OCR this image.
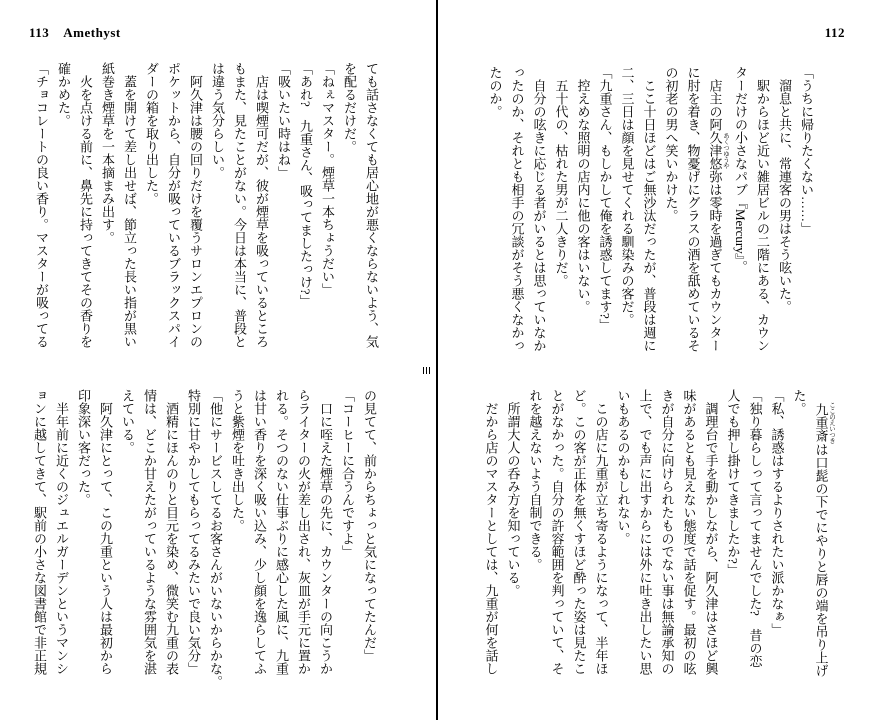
113 Amethyst
ても話さなくても居心地が悪くならないよう、気
を配るだけだ。
「ねぇマスター。煙草一本ちょうだい」
「あれ?　九重さん、吸ってましたっけ?」
「吸いたい時はね」
　店は喫煙可だが、彼が煙草を吸っているところ
もまた、見たことがない。今日は本当に、普段と
は違う気分らしい。
　阿久津は腰の回りだけを覆うサロンエプロンの
ポケットから、自分が吸っているブラックスパイ
ダーの箱を取り出した。
　蓋を開けて差し出せば、節立った長い指が黒い
紙巻き煙草を一本摘まみ出す。
　火を点ける前に、鼻先に持ってきてその香りを
確かめた。
「チョコレートの良い香り。マスターが吸ってる
の見てて、前からちょっと気になってたんだ」
「コーヒーに合うんですよ」
　口に咥えた煙草の先に、カウンターの向こうか
らライターの火が差し出され、灰皿が手元に置か
れる。そつのない仕事ぶりに感心した風に、九重
は甘い香りを深く吸い込み、少し顔を逸らしてふ
うと紫煙を吐き出した。
「他にサービスしてるお客さんがいないからかな。
特別に甘やかしてもらってるみたいで良い気分」
　酒精にほんのりと目元を染め、微笑む九重の表
情は、どこか甘えたがっているような雰囲気を湛
えている。
　阿久津にとって、この九重という人は最初から
印象深い客だった。
　半年前に近くのジュエルガーデンというマンシ
ョンに越してきて、駅前の小さな図書館で非正規
112
「うちに帰りたくない……」
　溜息と共に、常連客の男はそう呟いた。
　駅からほど近い雑居ビルの二階にある、カウン
ターだけの小さなパブ『Mercury』。
　店主の阿久津悠弥 あくつゆうやは零時を過ぎてもカウンター
に肘を着き、物憂げにグラスの酒を舐めているそ
の初老の男へ笑いかけた。
　ここ十日ほどはご無沙汰だったが、普段は週に
二、三日は顔を見せてくれる馴染みの客だ。
「九重さん、もしかして俺を誘惑してます?」
　控えめな照明の店内に他の客はいない。
　五十代の、枯れた男が二人きりだ。
　自分の呟きに応じる者がいるとは思っていなか
ったのか、それとも相手の冗談がそう悪くなかっ
たのか。
　九重斎 ここのえいつきは口髭の下でにやりと唇の端を吊り上げ
た。
「私、誘惑はするよりされたい派かなぁ」
「独り暮らしって言ってませんでした?　昔の恋
人でも押し掛けてきましたか?」
　調理台で手を動かしながら、阿久津はさほど興
味があるとも見えない態度で話を促す。最初の呟
きが自分に向けられたものでない事は無論承知の
上で、でも声に出すからには外に吐き出したい思
いもあるのかもしれない。
　この店に九重が立ち寄るようになって、半年ほ
ど。この客が正体を無くすほど酔った姿は見たこ
とがなかった。自分の許容範囲を判っていて、そ
れを越えないよう自制できる。
　所謂大人の呑み方を知っている。
　だから店のマスターとしては、九重が何を話し
